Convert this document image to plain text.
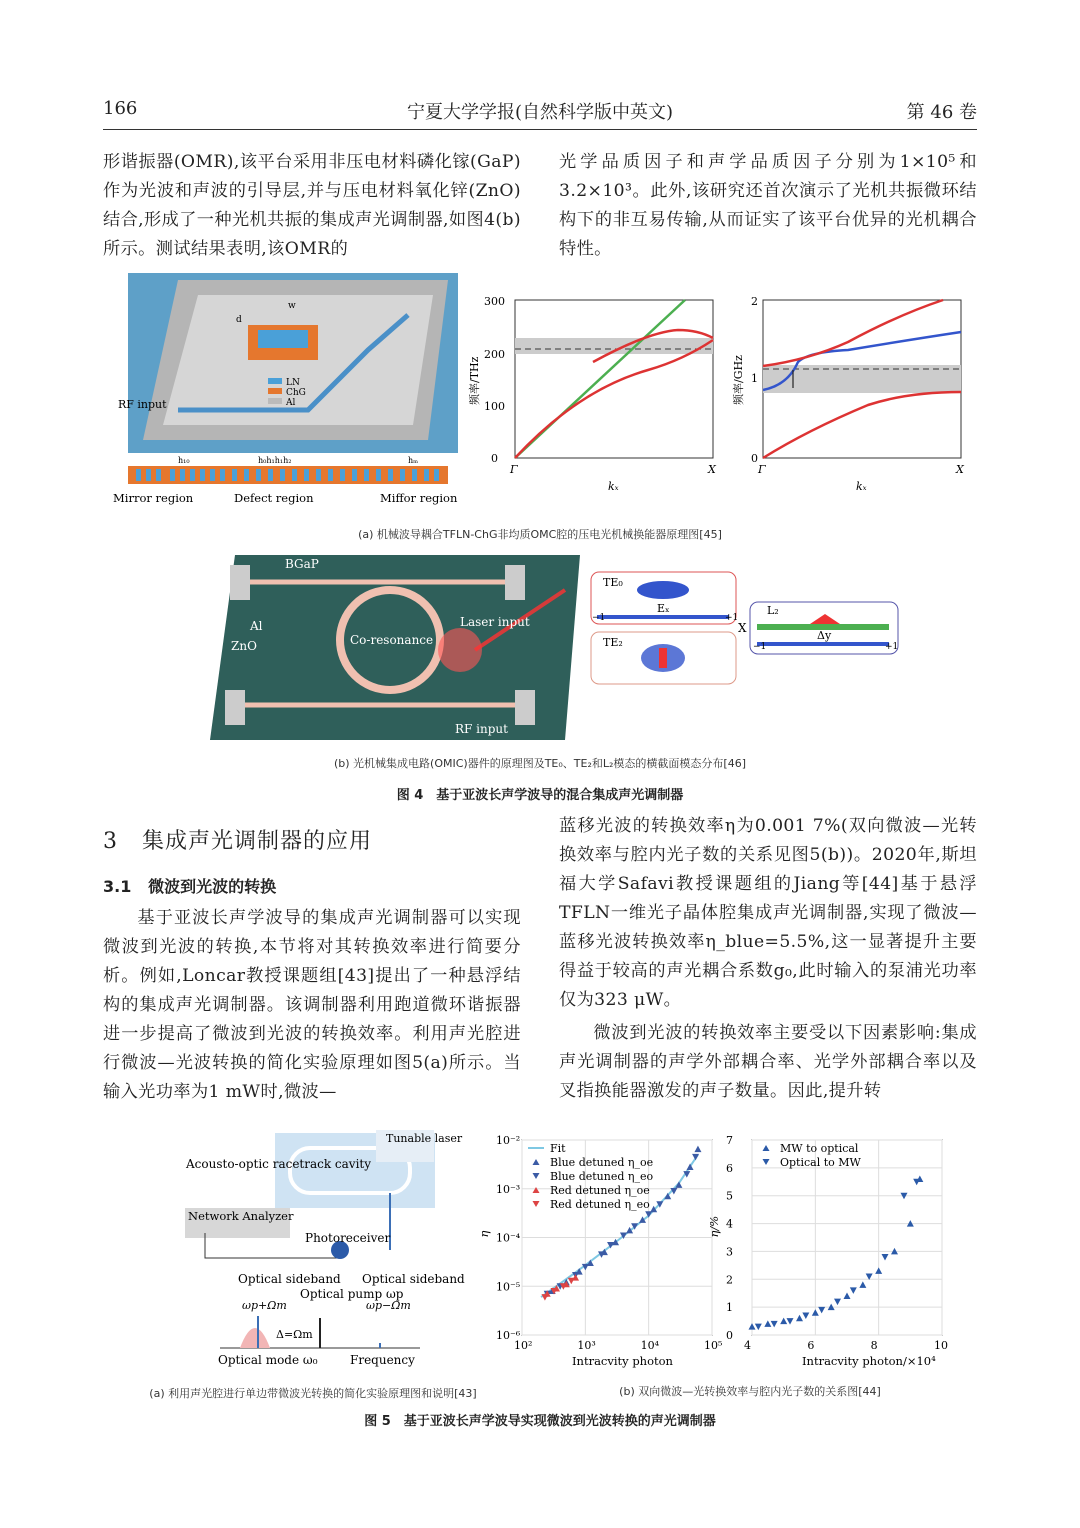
166	宁夏大学学报(自然科学版中英文)	第 46 卷

形谐振器(OMR),该平台采用非压电材料磷化镓(GaP)作为光波和声波的引导层,并与压电材料氧化锌(ZnO)结合,形成了一种光机共振的集成声光调制器,如图4(b)所示。测试结果表明,该OMR的

光学品质因子和声学品质因子分别为1×10⁵和3.2×10³。此外,该研究还首次演示了光机共振微环结构下的非互易传输,从而证实了该平台优异的光机耦合特性。

w
d
LN
ChG
Al
RF input
h₁₀	h₀h₁h₁h₂	hₘ
Mirror region	Defect region	Miffor region
0
100
200
300
频率/THz
Γ	X
kₓ
0
1
2
频率/GHz
Γ	X
kₓ
(a) 机械波导耦合TFLN-ChG非均质OMC腔的压电光机械换能器原理图[45]
BGaP
Al
ZnO	Co-resonance
Laser input
RF input
TE₀
Eₓ
−1	+1
TE₂
X
L₂
Δy
−1	+1
(b) 光机械集成电路(OMIC)器件的原理图及TE₀、TE₂和L₂模态的横截面模态分布[46]
图 4　基于亚波长声学波导的混合集成声光调制器
3 集成声光调制器的应用
3.1 微波到光波的转换

基于亚波长声学波导的集成声光调制器可以实现微波到光波的转换,本节将对其转换效率进行简要分析。例如,Loncar教授课题组[43]提出了一种悬浮结构的集成声光调制器。该调制器利用跑道微环谐振器进一步提高了微波到光波的转换效率。利用声光腔进行微波—光波转换的简化实验原理如图5(a)所示。当输入光功率为1 mW时,微波—

蓝移光波的转换效率η为0.001 7%(双向微波—光转换效率与腔内光子数的关系见图5(b))。2020年,斯坦福大学Safavi教授课题组的Jiang等[44]基于悬浮TFLN一维光子晶体腔集成声光调制器,实现了微波—蓝移光波转换效率η_blue=5.5%,这一显著提升主要得益于较高的声光耦合系数g₀,此时输入的泵浦光功率仅为323 μW。

微波到光波的转换效率主要受以下因素影响:集成声光调制器的声学外部耦合率、光学外部耦合率以及叉指换能器激发的声子数量。因此,提升转

Acousto-optic racetrack cavity
Tunable laser
Network Analyzer
Photoreceiver
Optical sideband
ωp+Ωm
Optical pump ωp
Optical sideband
ωp−Ωm
Δ=Ωm
Optical mode ω₀	Frequency
(a) 利用声光腔进行单边带微波光转换的简化实验原理图和说明[43]
10²	10³	10⁴	10⁵
10⁻⁶
10⁻⁵
10⁻⁴
10⁻³
10⁻²
Intracvity photon
η
Fit
Blue detuned η_oe
Blue detuned η_eo
Red detuned η_oe
Red detuned η_eo
4	6	8	10
0
1
2
3
4
5
6
7
Intracvity photon/×10⁴
η/%
MW to optical
Optical to MW
(b) 双向微波—光转换效率与腔内光子数的关系图[44]
图 5　基于亚波长声学波导实现微波到光波转换的声光调制器
